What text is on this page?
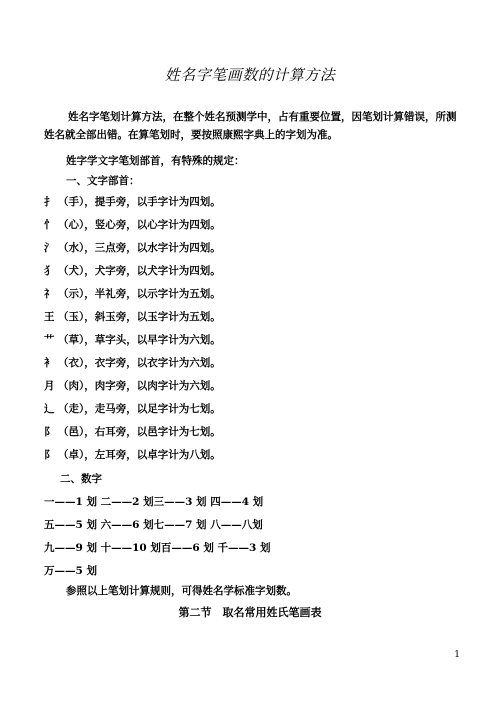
姓名字笔画数的计算方法
姓名字笔划计算方法，在整个姓名预测学中，占有重要位置，因笔划计算错误，所测姓名就全部出错。在算笔划时，要按照康熙字典上的字划为准。
姓字学文字笔划部首，有特殊的规定：
一、文字部首：
扌 （手），提手旁，以手字计为四划。
忄 （心），竖心旁，以心字计为四划。
氵 （水），三点旁，以水字计为四划。
犭 （犬），犬字旁，以犬字计为四划。
礻 （示），半礼旁，以示字计为五划。
王 （玉），斜玉旁，以玉字计为五划。
艹 （草），草字头，以早字计为六划。
衤 （衣），衣字旁，以衣字计为六划。
月 （肉），肉字旁，以肉字计为六划。
辶 （走），走马旁，以足字计为七划。
阝 （邑），右耳旁，以邑字计为七划。
阝 （卓），左耳旁，以卓字计为八划。
二、数字
一——1 划 二——2 划三——3 划 四——4 划
五——5 划 六——6 划七——7 划 八——八划
九——9 划 十——10 划百——6 划 千——3 划
万——5 划
参照以上笔划计算规则，可得姓名学标准字划数。
第二节　取名常用姓氏笔画表
1
